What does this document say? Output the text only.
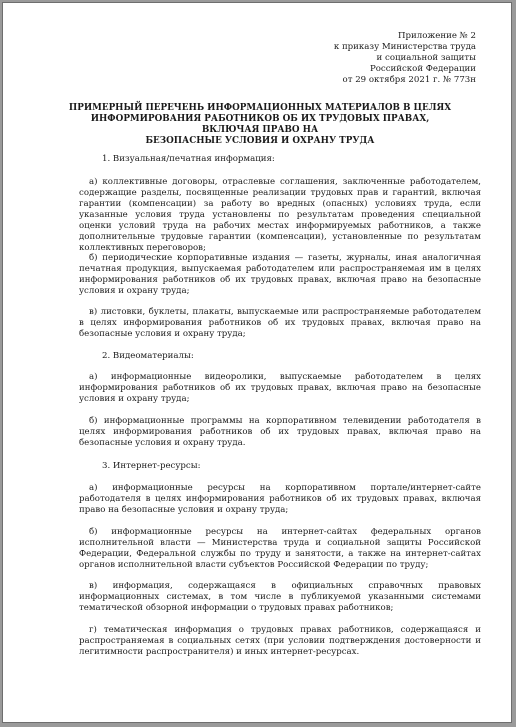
Приложение № 2
к приказу Министерства труда
и социальной защиты
Российской Федерации
от 29 октября 2021 г. № 773н
ПРИМЕРНЫЙ ПЕРЕЧЕНЬ ИНФОРМАЦИОННЫХ МАТЕРИАЛОВ В ЦЕЛЯХ
ИНФОРМИРОВАНИЯ РАБОТНИКОВ ОБ ИХ ТРУДОВЫХ ПРАВАХ, ВКЛЮЧАЯ ПРАВО НА
БЕЗОПАСНЫЕ УСЛОВИЯ И ОХРАНУ ТРУДА

1. Визуальная/печатная информация:

а) коллективные договоры, отраслевые соглашения, заключенные работодателем, содержащие разделы, посвященные реализации трудовых прав и гарантий, включая гарантии (компенсации) за работу во вредных (опасных) условиях труда, если указанные условия труда установлены по результатам проведения специальной оценки условий труда на рабочих местах информируемых работников, а также дополнительные трудовые гарантии (компенсации), установленные по результатам коллективных переговоров;

б) периодические корпоративные издания — газеты, журналы, иная аналогичная печатная продукция, выпускаемая работодателем или распространяемая им в целях информирования работников об их трудовых правах, включая право на безопасные условия и охрану труда;

в) листовки, буклеты, плакаты, выпускаемые или распространяемые работодателем в целях информирования работников об их трудовых правах, включая право на безопасные условия и охрану труда;

2. Видеоматериалы:

а) информационные видеоролики, выпускаемые работодателем в целях информирования работников об их трудовых правах, включая право на безопасные условия и охрану труда;

б) информационные программы на корпоративном телевидении работодателя в целях информирования работников об их трудовых правах, включая право на безопасные условия и охрану труда.

3. Интернет-ресурсы:

а) информационные ресурсы на корпоративном портале/интернет-сайте работодателя в целях информирования работников об их трудовых правах, включая право на безопасные условия и охрану труда;

б) информационные ресурсы на интернет-сайтах федеральных органов исполнительной власти — Министерства труда и социальной защиты Российской Федерации, Федеральной службы по труду и занятости, а также на интернет-сайтах органов исполнительной власти субъектов Российской Федерации по труду;

в) информация, содержащаяся в официальных справочных правовых информационных системах, в том числе в публикуемой указанными системами тематической обзорной информации о трудовых правах работников;

г) тематическая информация о трудовых правах работников, содержащаяся и распространяемая в социальных сетях (при условии подтверждения достоверности и легитимности распространителя) и иных интернет-ресурсах.
